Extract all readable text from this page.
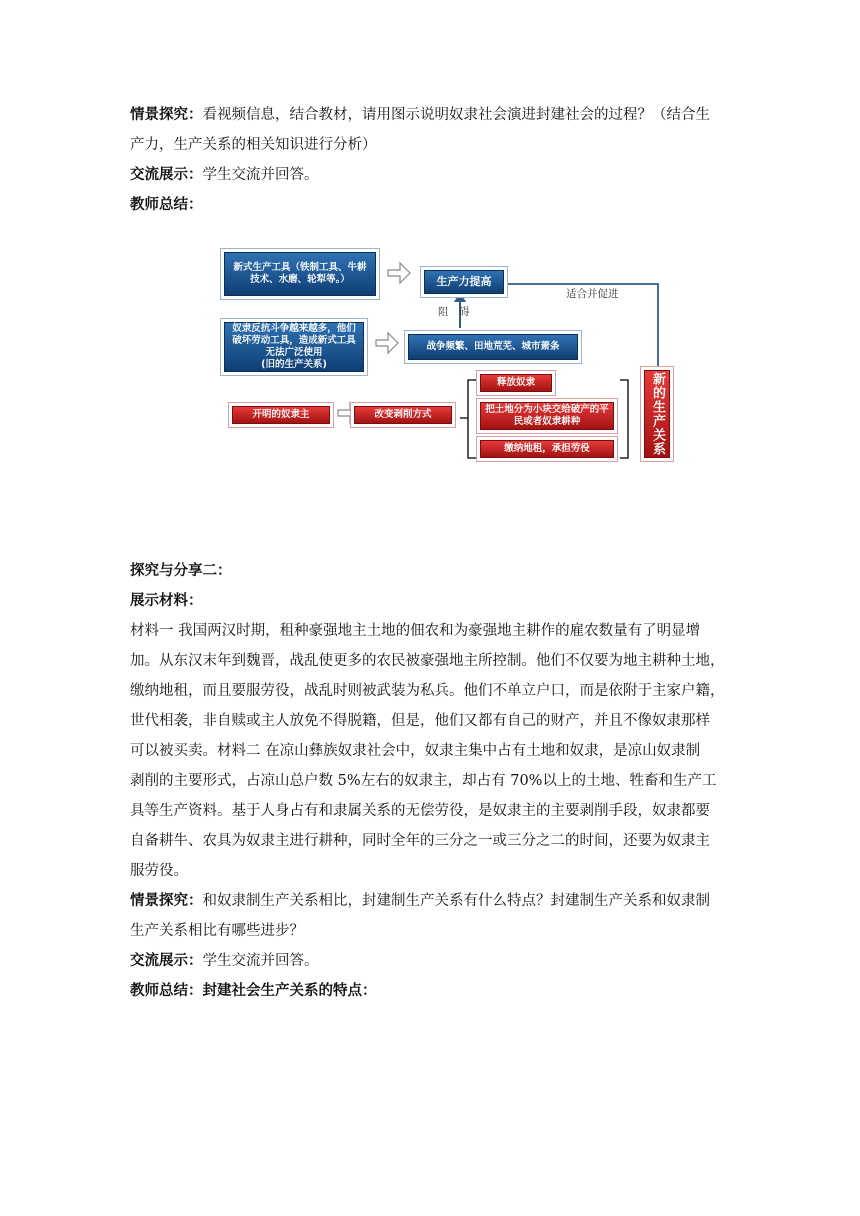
情景探究：看视频信息，结合教材，请用图示说明奴隶社会演进封建社会的过程？（结合生
产力，生产关系的相关知识进行分析）
交流展示：学生交流并回答。
教师总结：
新式生产工具（铁制工具、牛耕技术、水磨、轮犁等。）	生产力提高
奴隶反抗斗争越来越多，他们破坏劳动工具，造成新式工具无法广泛使用
(旧的生产关系)
战争频繁、田地荒芜、城市萧条
阻　碍
适合并促进
开明的奴隶主	改变剥削方式
释放奴隶
把土地分为小块交给破产的平民或者奴隶耕种
缴纳地租，承担劳役	新的生产关系
探究与分享二：
展示材料：
材料一 我国两汉时期，租种豪强地主土地的佃农和为豪强地主耕作的雇农数量有了明显增
加。从东汉末年到魏晋，战乱使更多的农民被豪强地主所控制。他们不仅要为地主耕种土地，
缴纳地租，而且要服劳役，战乱时则被武装为私兵。他们不单立户口，而是依附于主家户籍，
世代相袭，非自赎或主人放免不得脱籍，但是，他们又都有自己的财产，并且不像奴隶那样
可以被买卖。材料二 在凉山彝族奴隶社会中，奴隶主集中占有土地和奴隶，是凉山奴隶制
剥削的主要形式，占凉山总户数 5%左右的奴隶主，却占有 70%以上的土地、牲畜和生产工
具等生产资料。基于人身占有和隶属关系的无偿劳役，是奴隶主的主要剥削手段，奴隶都要
自备耕牛、农具为奴隶主进行耕种，同时全年的三分之一或三分之二的时间，还要为奴隶主
服劳役。
情景探究：和奴隶制生产关系相比，封建制生产关系有什么特点？封建制生产关系和奴隶制
生产关系相比有哪些进步？
交流展示：学生交流并回答。
教师总结：封建社会生产关系的特点：
